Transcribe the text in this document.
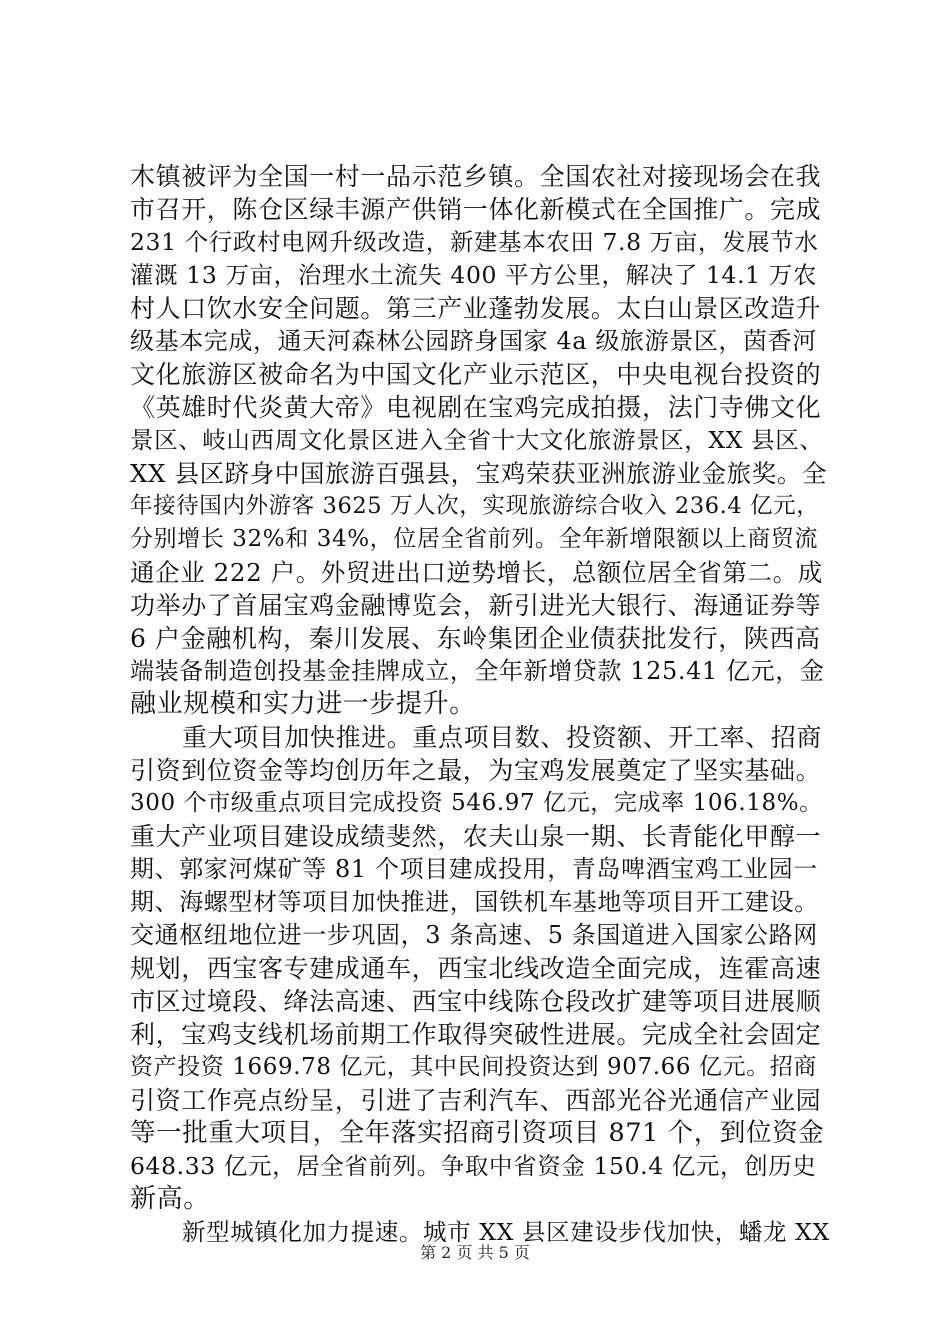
木镇被评为全国一村一品示范乡镇。全国农社对接现场会在我
市召开，陈仓区绿丰源产供销一体化新模式在全国推广。完成
231 个行政村电网升级改造，新建基本农田 7.8 万亩，发展节水
灌溉 13 万亩，治理水土流失 400 平方公里，解决了 14.1 万农
村人口饮水安全问题。第三产业蓬勃发展。太白山景区改造升
级基本完成，通天河森林公园跻身国家 4a 级旅游景区，茵香河
文化旅游区被命名为中国文化产业示范区，中央电视台投资的
《英雄时代炎黄大帝》电视剧在宝鸡完成拍摄，法门寺佛文化
景区、岐山西周文化景区进入全省十大文化旅游景区，XX 县区、
XX 县区跻身中国旅游百强县，宝鸡荣获亚洲旅游业金旅奖。全
年接待国内外游客 3625 万人次，实现旅游综合收入 236.4 亿元，
分别增长 32%和 34%，位居全省前列。全年新增限额以上商贸流
通企业 222 户。外贸进出口逆势增长，总额位居全省第二。成
功举办了首届宝鸡金融博览会，新引进光大银行、海通证券等
6 户金融机构，秦川发展、东岭集团企业债获批发行，陕西高
端装备制造创投基金挂牌成立，全年新增贷款 125.41 亿元，金
融业规模和实力进一步提升。
重大项目加快推进。重点项目数、投资额、开工率、招商
引资到位资金等均创历年之最，为宝鸡发展奠定了坚实基础。
300 个市级重点项目完成投资 546.97 亿元，完成率 106.18%。
重大产业项目建设成绩斐然，农夫山泉一期、长青能化甲醇一
期、郭家河煤矿等 81 个项目建成投用，青岛啤酒宝鸡工业园一
期、海螺型材等项目加快推进，国铁机车基地等项目开工建设。
交通枢纽地位进一步巩固，3 条高速、5 条国道进入国家公路网
规划，西宝客专建成通车，西宝北线改造全面完成，连霍高速
市区过境段、绛法高速、西宝中线陈仓段改扩建等项目进展顺
利，宝鸡支线机场前期工作取得突破性进展。完成全社会固定
资产投资 1669.78 亿元，其中民间投资达到 907.66 亿元。招商
引资工作亮点纷呈，引进了吉利汽车、西部光谷光通信产业园
等一批重大项目，全年落实招商引资项目 871 个，到位资金
648.33 亿元，居全省前列。争取中省资金 150.4 亿元，创历史
新高。
新型城镇化加力提速。城市 XX 县区建设步伐加快，蟠龙 XX
第 2 页 共 5 页
